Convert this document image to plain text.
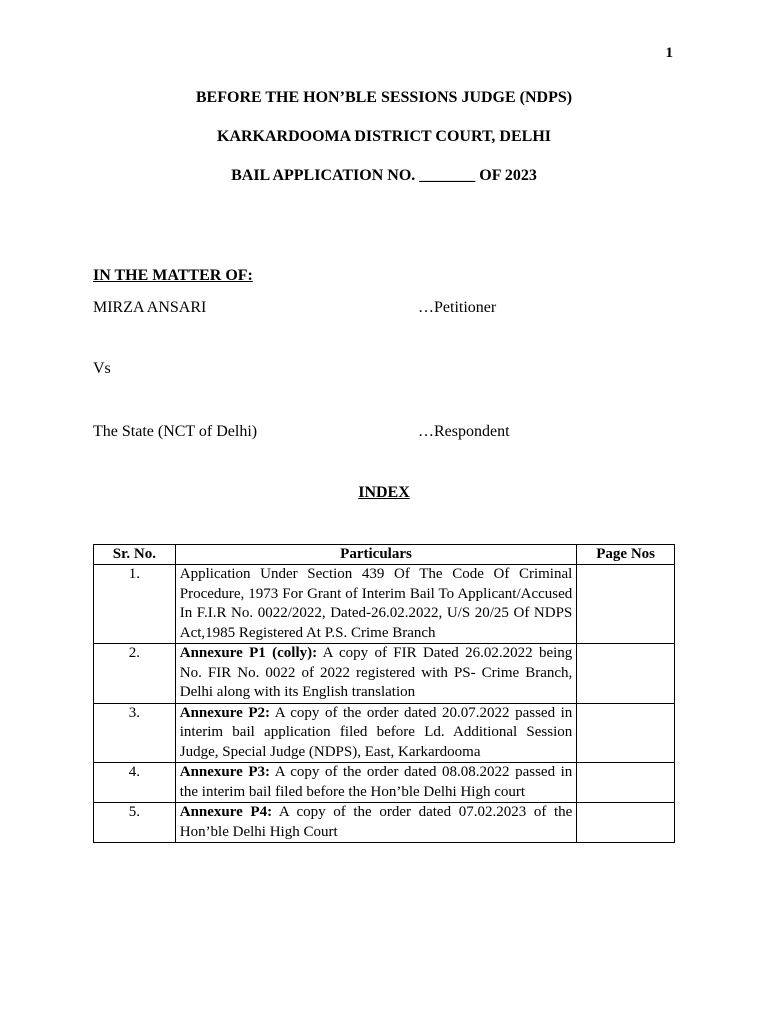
1
BEFORE THE HON’BLE SESSIONS JUDGE (NDPS)
KARKARDOOMA DISTRICT COURT, DELHI
BAIL APPLICATION NO. _______ OF 2023
IN THE MATTER OF:
MIRZA ANSARI	…Petitioner
Vs
The State (NCT of Delhi)	…Respondent
INDEX
Sr. No.	Particulars	Page Nos
1.	Application Under Section 439 Of The Code Of Criminal Procedure, 1973 For Grant of Interim Bail To Applicant/Accused In F.I.R No. 0022/2022, Dated-26.02.2022, U/S 20/25 Of NDPS Act,1985 Registered At P.S. Crime Branch	
2.	Annexure P1 (colly): A copy of FIR Dated 26.02.2022 being No. FIR No. 0022 of 2022 registered with PS- Crime Branch, Delhi along with its English translation	
3.	Annexure P2: A copy of the order dated 20.07.2022 passed in interim bail application filed before Ld. Additional Session Judge, Special Judge (NDPS), East, Karkardooma	
4.	Annexure P3: A copy of the order dated 08.08.2022 passed in the interim bail filed before the Hon’ble Delhi High court	
5.	Annexure P4: A copy of the order dated 07.02.2023 of the Hon’ble Delhi High Court	
